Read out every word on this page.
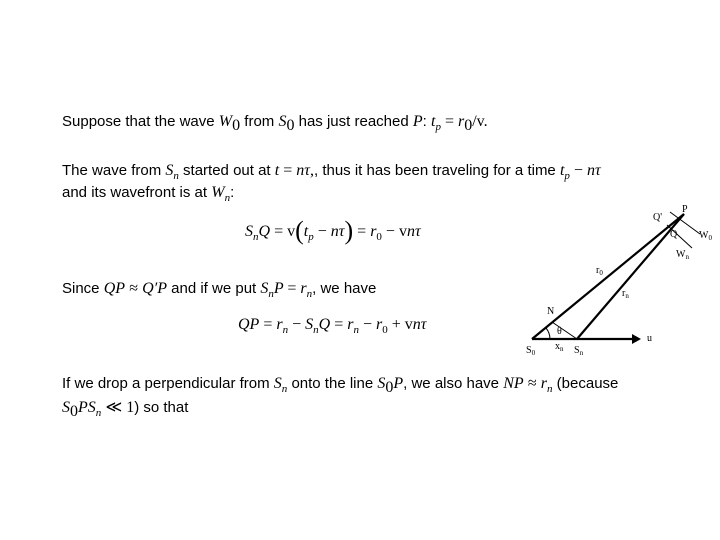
Suppose that the wave $W_0$ from $S_0$ has just reached P: $t_p = r_0/v$.
The wave from $S_n$ started out at t = nτ,, thus it has been traveling for a time $t_p - n\tau$
and its wavefront is at $W_n$:
$S_nQ = v(t_p - n\tau) = r_0 - vn\tau$
Since QP ≈ Q′P and if we put $S_nP = r_n$, we have
QP = $r_n - S_nQ = r_n - r_0 + vn\tau$
If we drop a perpendicular from $S_n$ onto the line $S_0P$, we also have NP ≈ $r_n$ (because
$S_0PS_n$ ≪ 1) so that
P
Q'
Q $W_0$
$W_n$
$r_0$
$r_n$
N
θ
$x_n$
u
$S_0$	$S_n$
